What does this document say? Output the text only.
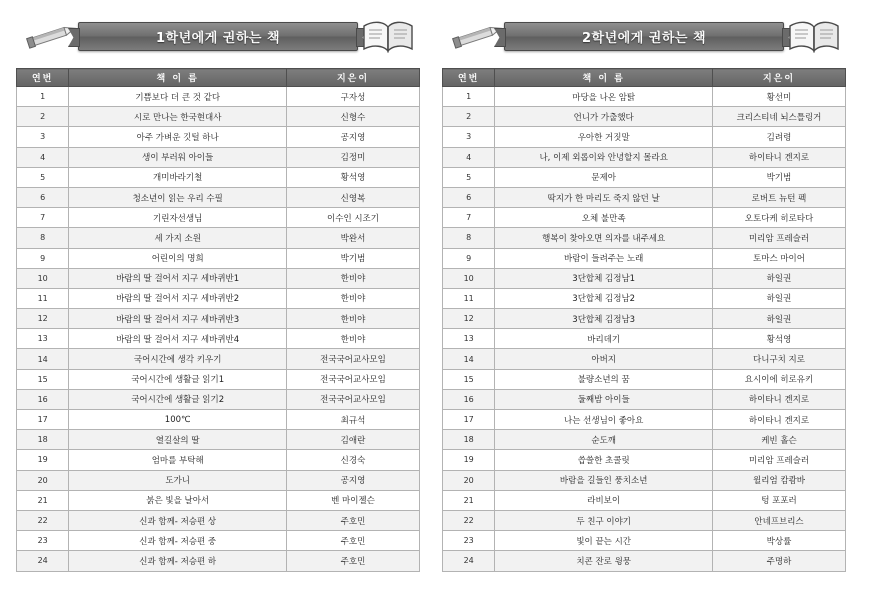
1학년에게 권하는 책
연번	책 이 름	지은이
1	기쁨보다 더 큰 것 같다	구자성
2	시로 만나는 한국현대사	신형수
3	아주 가벼운 깃털 하나	공지영
4	생이 부러워 아이들	김정미
5	개미바라기철	황석영
6	청소년이 읽는 우리 수필	신영복
7	기린자선생님	이수인 시조기
8	세 가지 소원	박완서
9	어린이의 명희	박기범
10	바람의 딸 걸어서 지구 세바퀴반1	한비야
11	바람의 딸 걸어서 지구 세바퀴반2	한비야
12	바람의 딸 걸어서 지구 세바퀴반3	한비야
13	바람의 딸 걸어서 지구 세바퀴반4	한비야
14	국어시간에 생각 키우기	전국국어교사모임
15	국어시간에 생활글 읽기1	전국국어교사모임
16	국어시간에 생활글 읽기2	전국국어교사모임
17	100℃	최규석
18	열길살의 딸	김애란
19	엄마를 부탁해	신경숙
20	도가니	공지영
21	붉은 빛을 날아서	벤 마이젤슨
22	신과 함께- 저승편 상	주호민
23	신과 함께- 저승편 중	주호민
24	신과 함께- 저승편 하	주호민
2학년에게 권하는 책
연번	책 이 름	지은이
1	마당을 나온 암탉	황선미
2	언니가 가출했다	크리스티네 뇌스틀링거
3	우아한 거짓말	김려령
4	나, 이제 외롭이와 안녕할지 몰라요	하이타니 겐지로
5	문제아	박기범
6	딱지가 한 마리도 죽지 않던 날	로버트 뉴턴 펙
7	오체 불만족	오토다케 히로타다
8	행복이 찾아오면 의자를 내주세요	미리암 프레슬러
9	바람이 들려주는 노래	토마스 마이어
10	3단합체 김정남1	하일권
11	3단합체 김정남2	하일권
12	3단합체 김정남3	하일권
13	바리데기	황석영
14	아버지	다니구치 지로
15	불량소년의 꿈	요시이에 히로유키
16	둘째밤 아이들	하이타니 겐지로
17	나는 선생님이 좋아요	하이타니 겐지로
18	순도깨	케빈 홀슨
19	씁쓸한 초콜릿	미리암 프레슬러
20	바람을 길들인 풍치소년	윌리엄 캄쾀바
21	라비보이	텅 포포러
22	두 친구 이야기	안네프브리스
23	빛이 끝는 시간	박상률
24	치콘 잔로 윙뭉	주명하
